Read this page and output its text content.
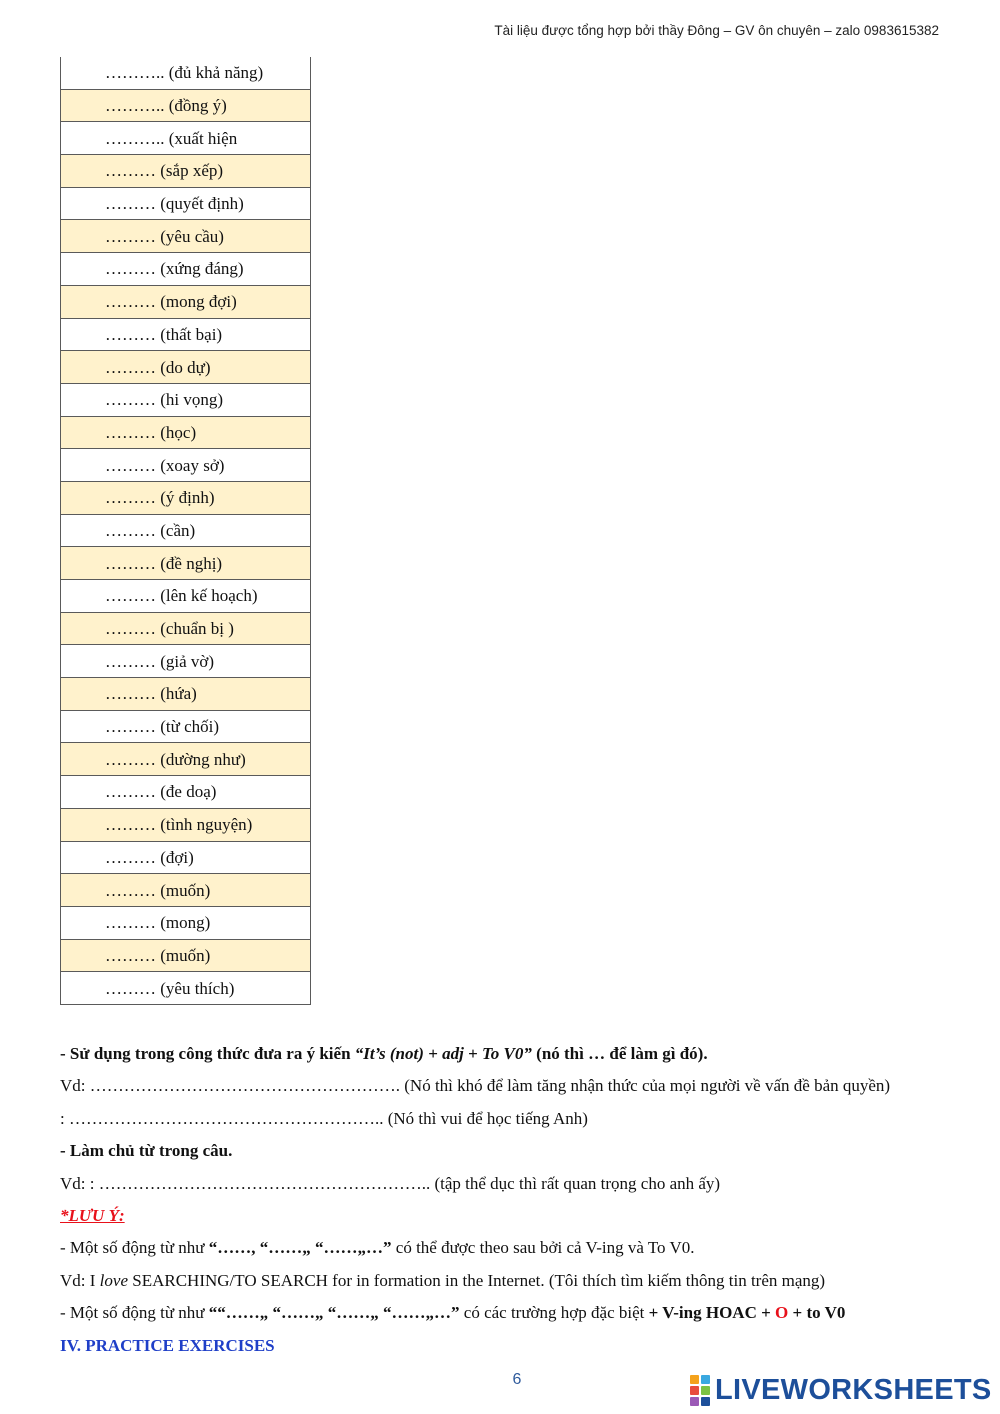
Tài liệu được tổng hợp bởi thầy Đông – GV ôn chuyên – zalo 0983615382
……….. (đủ khả năng)
……….. (đồng ý)
……….. (xuất hiện
……… (sắp xếp)
……… (quyết định)
……… (yêu cầu)
……… (xứng đáng)
……… (mong đợi)
……… (thất bại)
……… (do dự)
……… (hi vọng)
……… (học)
……… (xoay sở)
……… (ý định)
……… (cần)
……… (đề nghị)
……… (lên kế hoạch)
……… (chuẩn bị )
……… (giả vờ)
……… (hứa)
……… (từ chối)
……… (dường như)
……… (đe doạ)
……… (tình nguyện)
……… (đợi)
……… (muốn)
……… (mong)
……… (muốn)
……… (yêu thích)

- Sử dụng trong công thức đưa ra ý kiến “It’s (not) + adj + To V0” (nó thì … để làm gì đó).

Vd: ………………………………………………. (Nó thì khó để làm tăng nhận thức của mọi người về vấn đề bản quyền)

: ……………………………………………….. (Nó thì vui để học tiếng Anh)

- Làm chủ từ trong câu.

Vd: : ………………………………………………….. (tập thể dục thì rất quan trọng cho anh ấy)

*LƯU Ý:

- Một số động từ như “……, “……„ “……„…” có thể được theo sau bởi cả V-ing và To V0.

Vd: I love SEARCHING/TO SEARCH for in formation in the Internet. (Tôi thích tìm kiếm thông tin trên mạng)

- Một số động từ như ““……„ “……„ “……„ “……„…” có các trường hợp đặc biệt + V-ing HOAC + O + to V0

IV. PRACTICE EXERCISES

6	LIVEWORKSHEETS
